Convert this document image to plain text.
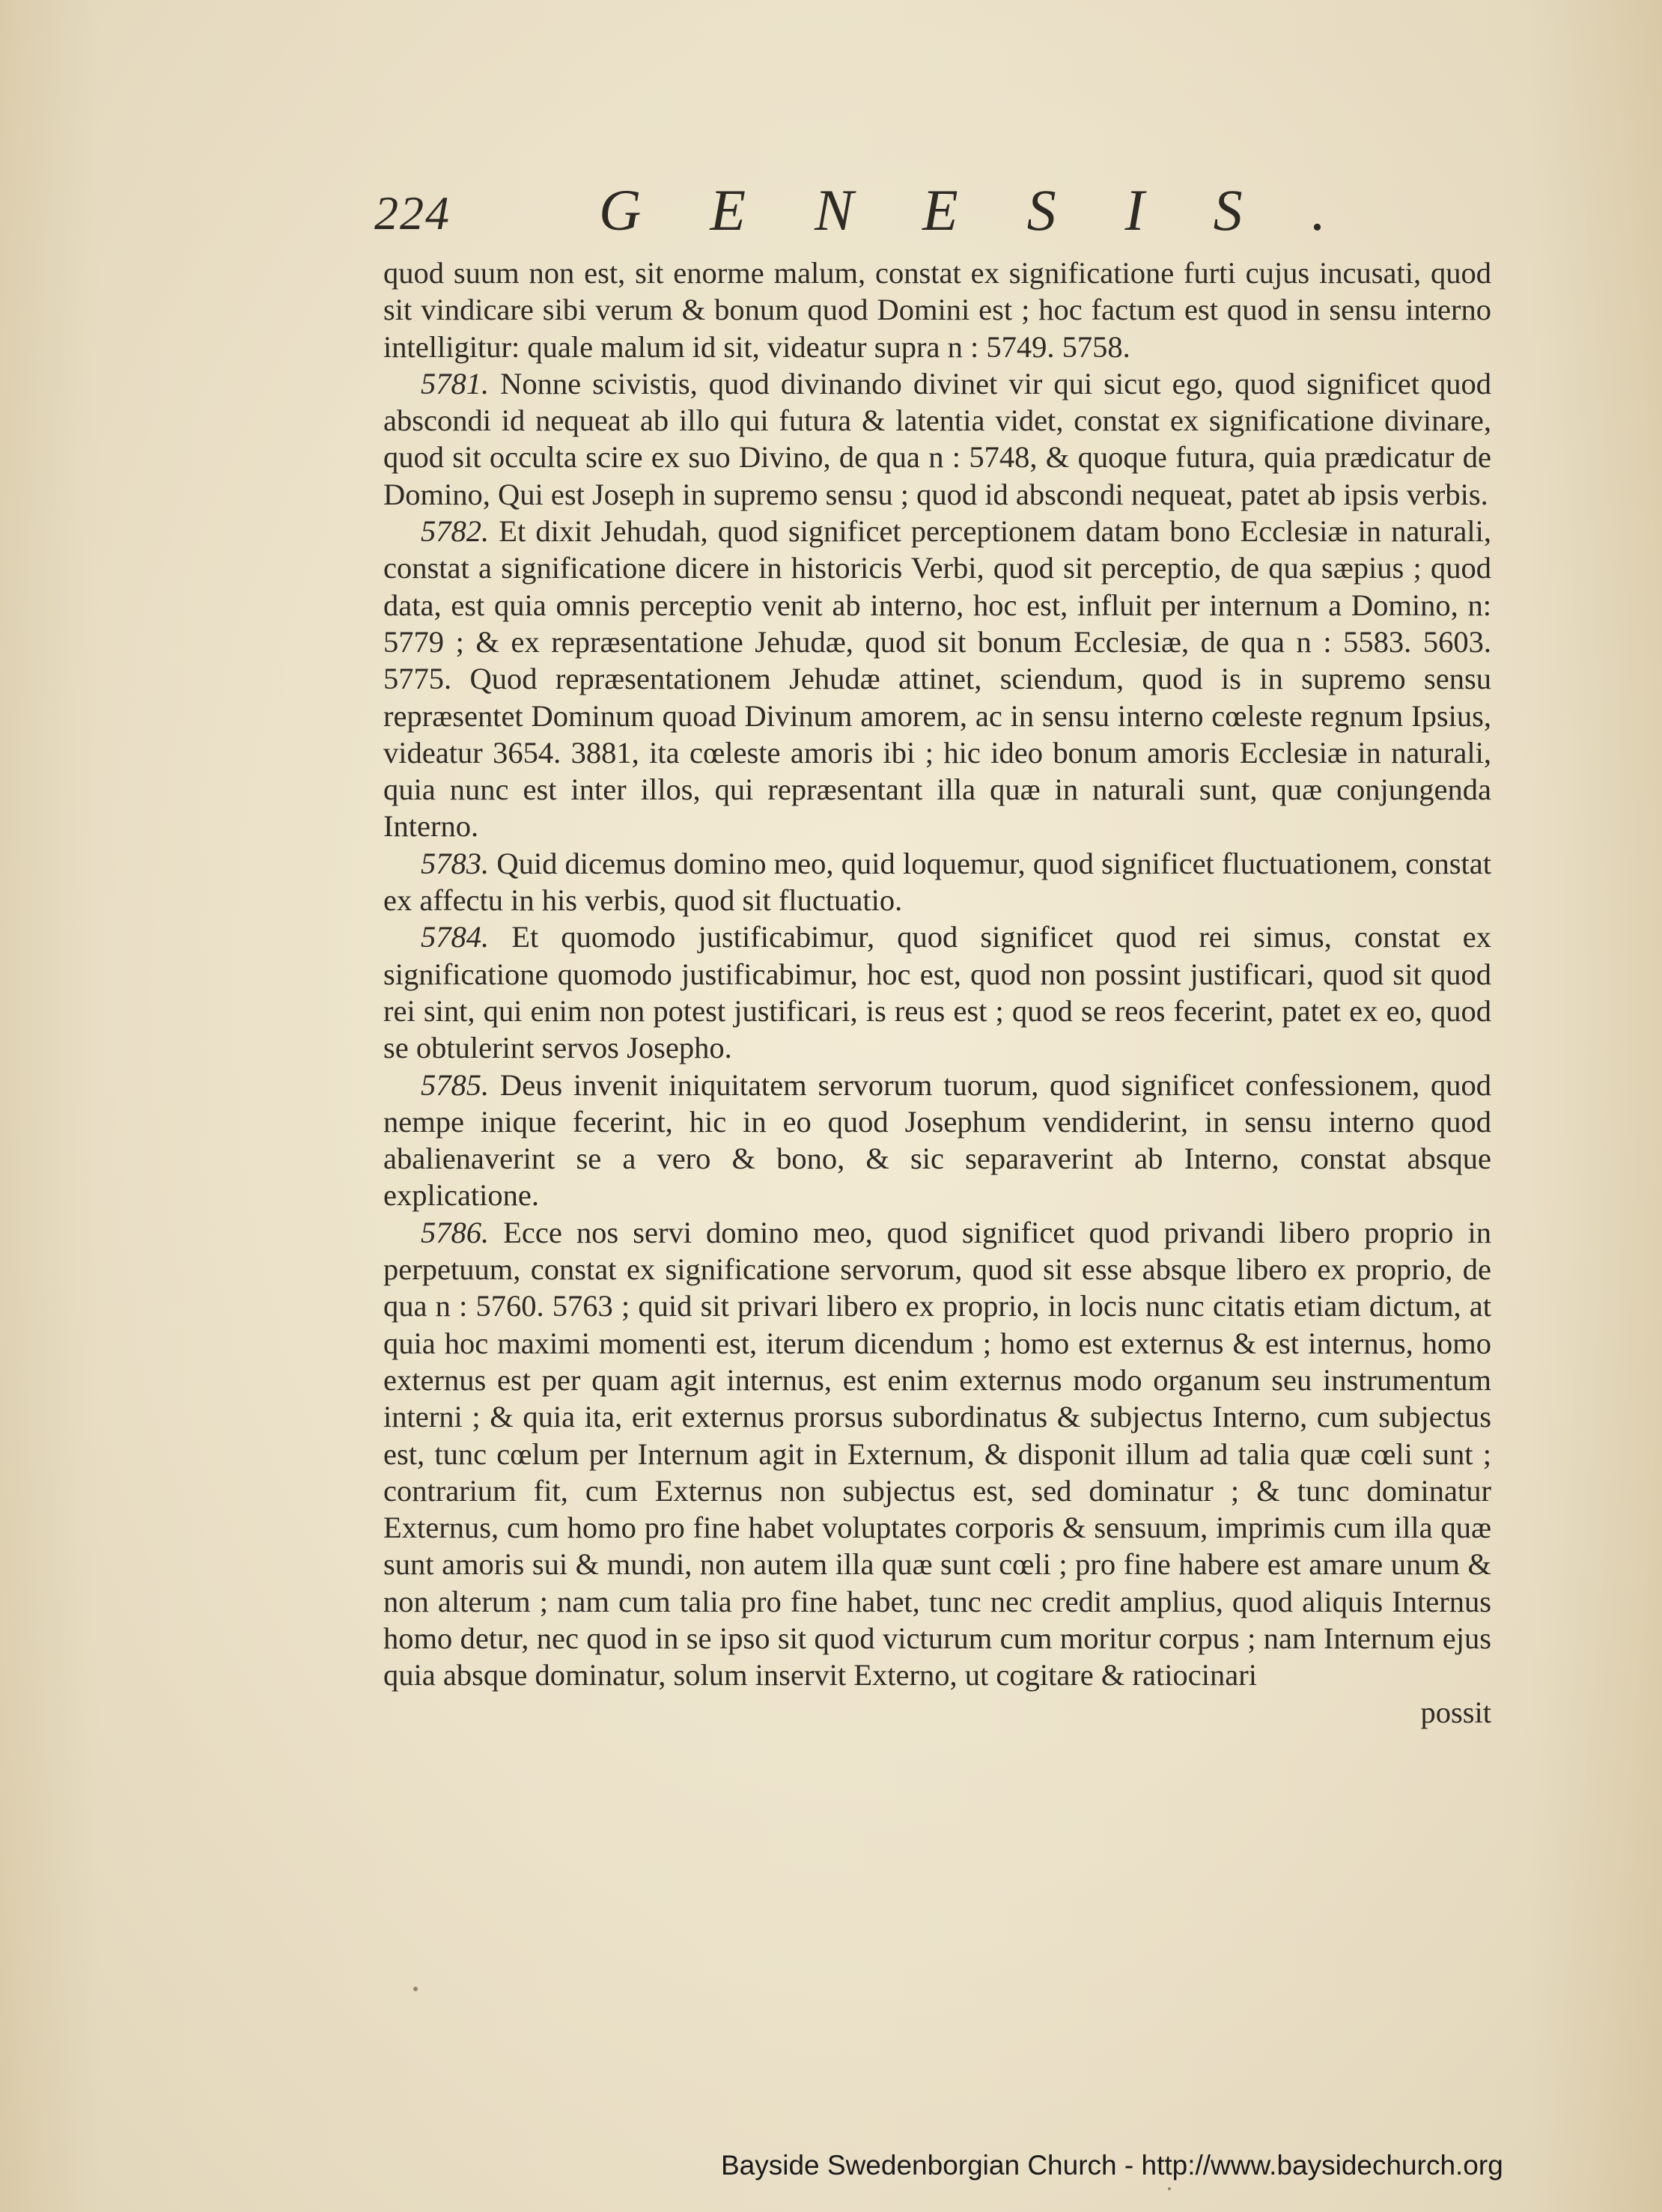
224	GENESIS.

quod suum non est, sit enorme malum, constat ex significatione furti cujus incusati, quod sit vindicare sibi verum & bonum quod Domini est ; hoc factum est quod in sensu interno intelligitur: quale malum id sit, videatur supra n : 5749. 5758.

5781. Nonne scivistis, quod divinando divinet vir qui sicut ego, quod significet quod abscondi id nequeat ab illo qui futura & latentia videt, constat ex significatione divinare, quod sit occulta scire ex suo Divino, de qua n : 5748, & quoque futura, quia prædicatur de Domino, Qui est Joseph in supremo sensu ; quod id abscondi nequeat, patet ab ipsis verbis.

5782. Et dixit Jehudah, quod significet perceptionem datam bono Ecclesiæ in naturali, constat a significatione dicere in historicis Verbi, quod sit perceptio, de qua sæpius ; quod data, est quia omnis perceptio venit ab interno, hoc est, influit per internum a Domino, n: 5779 ; & ex repræsentatione Jehudæ, quod sit bonum Ecclesiæ, de qua n : 5583. 5603. 5775. Quod repræsentationem Jehudæ attinet, sciendum, quod is in supremo sensu repræsentet Dominum quoad Divinum amorem, ac in sensu interno cœleste regnum Ipsius, videatur 3654. 3881, ita cœleste amoris ibi ; hic ideo bonum amoris Ecclesiæ in naturali, quia nunc est inter illos, qui repræsentant illa quæ in naturali sunt, quæ conjungenda Interno.

5783. Quid dicemus domino meo, quid loquemur, quod significet fluctuationem, constat ex affectu in his verbis, quod sit fluctuatio.

5784. Et quomodo justificabimur, quod significet quod rei simus, constat ex significatione quomodo justificabimur, hoc est, quod non possint justificari, quod sit quod rei sint, qui enim non potest justificari, is reus est ; quod se reos fecerint, patet ex eo, quod se obtulerint servos Josepho.

5785. Deus invenit iniquitatem servorum tuorum, quod significet confessionem, quod nempe inique fecerint, hic in eo quod Josephum vendiderint, in sensu interno quod abalienaverint se a vero & bono, & sic separaverint ab Interno, constat absque explicatione.

5786. Ecce nos servi domino meo, quod significet quod privandi libero proprio in perpetuum, constat ex significatione servorum, quod sit esse absque libero ex proprio, de qua n : 5760. 5763 ; quid sit privari libero ex proprio, in locis nunc citatis etiam dictum, at quia hoc maximi momenti est, iterum dicendum ; homo est externus & est internus, homo externus est per quam agit internus, est enim externus modo organum seu instrumentum interni ; & quia ita, erit externus prorsus subordinatus & subjectus Interno, cum subjectus est, tunc cœlum per Internum agit in Externum, & disponit illum ad talia quæ cœli sunt ; contrarium fit, cum Externus non subjectus est, sed dominatur ; & tunc dominatur Externus, cum homo pro fine habet voluptates corporis & sensuum, imprimis cum illa quæ sunt amoris sui & mundi, non autem illa quæ sunt cœli ; pro fine habere est amare unum & non alterum ; nam cum talia pro fine habet, tunc nec credit amplius, quod aliquis Internus homo detur, nec quod in se ipso sit quod victurum cum moritur corpus ; nam Internum ejus quia absque dominatur, solum inservit Externo, ut cogitare & ratiocinari

possit

Bayside Swedenborgian Church - http://www.baysidechurch.org
